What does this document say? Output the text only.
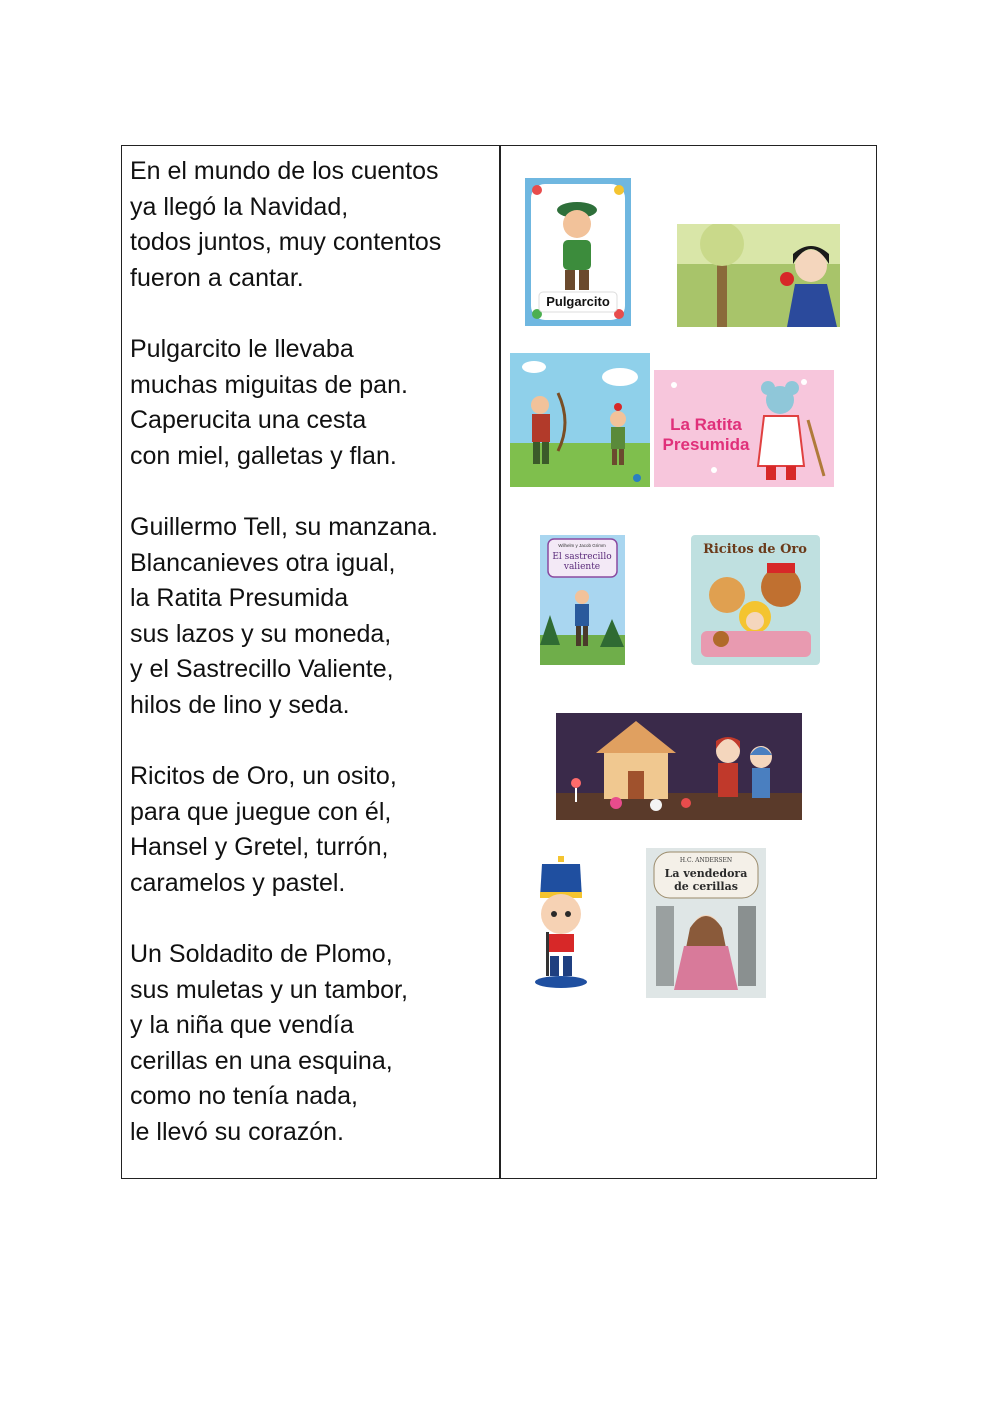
En el mundo de los cuentos
ya llegó la Navidad,
todos juntos, muy contentos
fueron a cantar.
Pulgarcito le llevaba
muchas miguitas de pan.
Caperucita una cesta
con miel, galletas y flan.
Guillermo Tell, su manzana.
Blancanieves otra igual,
la Ratita Presumida
sus lazos y su moneda,
y el Sastrecillo Valiente,
hilos de lino y seda.
Ricitos de Oro, un osito,
para que juegue con él,
Hansel y Gretel, turrón,
caramelos y pastel.
Un Soldadito de Plomo,
sus muletas y un tambor,
y la niña que vendía
cerillas en una esquina,
como no tenía nada,
le llevó su corazón.
Pulgarcito
La Ratita
Presumida
Wilhelm y Jacob Grimm
El sastrecillo
valiente
Ricitos de Oro
H.C. ANDERSEN
La vendedora
de cerillas
